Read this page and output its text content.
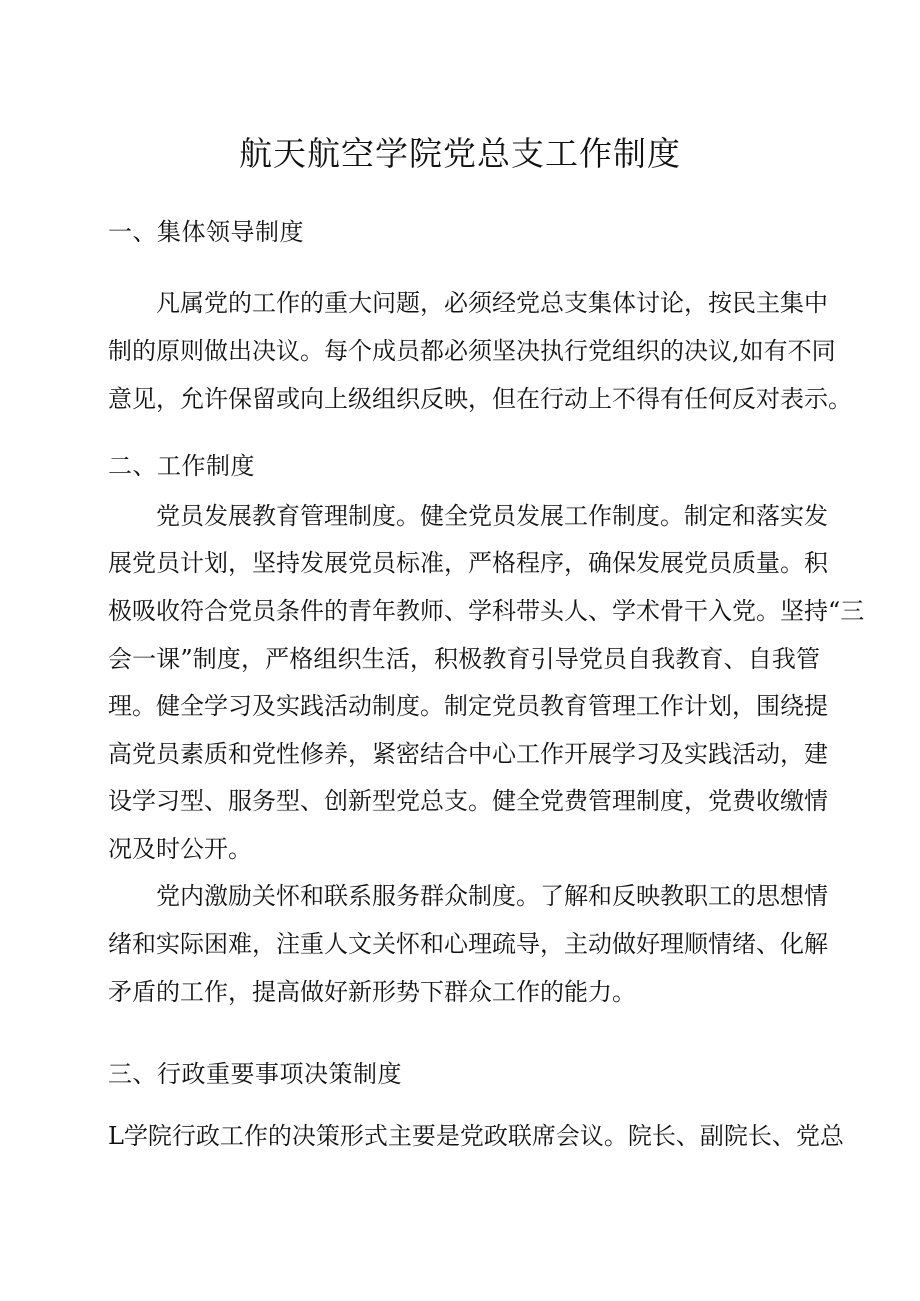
航天航空学院党总支工作制度
一、集体领导制度
凡属党的工作的重大问题，必须经党总支集体讨论，按民主集中
制的原则做出决议。每个成员都必须坚决执行党组织的决议,如有不同
意见，允许保留或向上级组织反映，但在行动上不得有任何反对表示。
二、工作制度
党员发展教育管理制度。健全党员发展工作制度。制定和落实发
展党员计划，坚持发展党员标准，严格程序，确保发展党员质量。积
极吸收符合党员条件的青年教师、学科带头人、学术骨干入党。坚持“三
会一课”制度，严格组织生活，积极教育引导党员自我教育、自我管
理。健全学习及实践活动制度。制定党员教育管理工作计划，围绕提
高党员素质和党性修养，紧密结合中心工作开展学习及实践活动，建
设学习型、服务型、创新型党总支。健全党费管理制度，党费收缴情
况及时公开。
党内激励关怀和联系服务群众制度。了解和反映教职工的思想情
绪和实际困难，注重人文关怀和心理疏导，主动做好理顺情绪、化解
矛盾的工作，提高做好新形势下群众工作的能力。
三、行政重要事项决策制度
L学院行政工作的决策形式主要是党政联席会议。院长、副院长、党总
